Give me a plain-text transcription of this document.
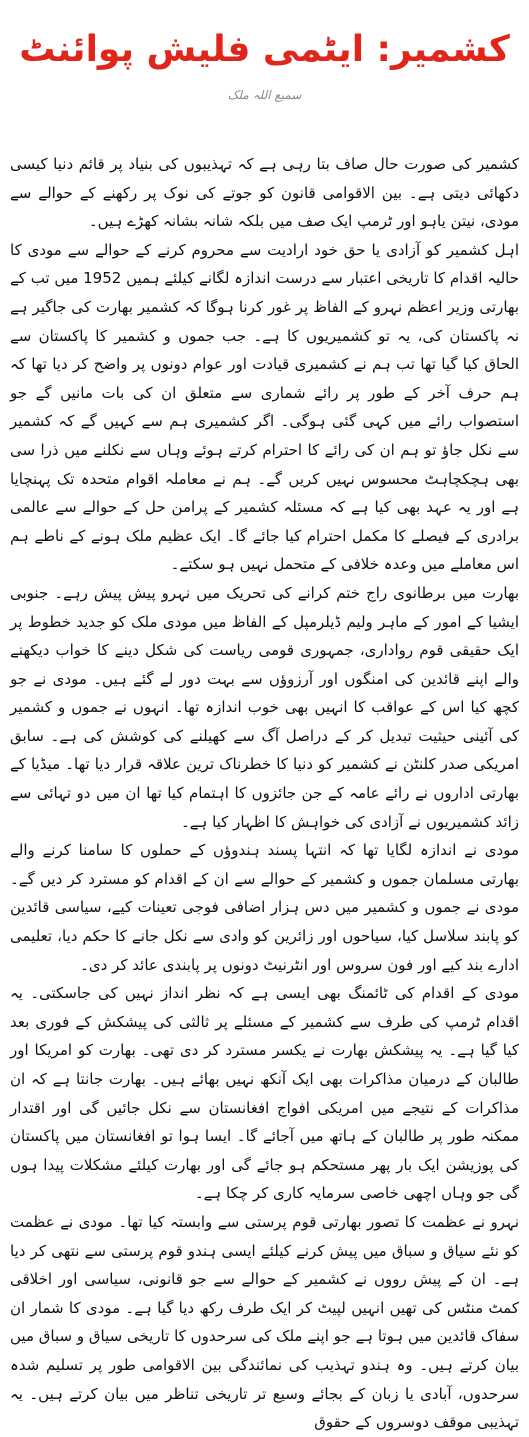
کشمیر: ایٹمی فلیش پوائنٹ
سمیع اللہ ملک

کشمیر کی صورت حال صاف بتا رہی ہے کہ تہذیبوں کی بنیاد پر قائم دنیا کیسی دکھائی دیتی ہے۔ بین الاقوامی قانون کو جوتے کی نوک پر رکھنے کے حوالے سے مودی، نیتن یاہو اور ٹرمپ ایک صف میں بلکہ شانہ بشانہ کھڑے ہیں۔

اہل کشمیر کو آزادی یا حق خود ارادیت سے محروم کرنے کے حوالے سے مودی کا حالیہ اقدام کا تاریخی اعتبار سے درست اندازہ لگانے کیلئے ہمیں 1952 میں تب کے بھارتی وزیر اعظم نہرو کے الفاظ پر غور کرنا ہوگا کہ کشمیر بھارت کی جاگیر ہے نہ پاکستان کی، یہ تو کشمیریوں کا ہے۔ جب جموں و کشمیر کا پاکستان سے الحاق کیا گیا تھا تب ہم نے کشمیری قیادت اور عوام دونوں پر واضح کر دیا تھا کہ ہم حرف آخر کے طور پر رائے شماری سے متعلق ان کی بات مانیں گے جو استصواب رائے میں کہی گئی ہوگی۔ اگر کشمیری ہم سے کہیں گے کہ کشمیر سے نکل جاؤ تو ہم ان کی رائے کا احترام کرتے ہوئے وہاں سے نکلنے میں ذرا سی بھی ہچکچاہٹ محسوس نہیں کریں گے۔ ہم نے معاملہ اقوام متحدہ تک پہنچایا ہے اور یہ عہد بھی کیا ہے کہ مسئلہ کشمیر کے پرامن حل کے حوالے سے عالمی برادری کے فیصلے کا مکمل احترام کیا جائے گا۔ ایک عظیم ملک ہونے کے ناطے ہم اس معاملے میں وعدہ خلافی کے متحمل نہیں ہو سکتے۔

بھارت میں برطانوی راج ختم کرانے کی تحریک میں نہرو پیش پیش رہے۔ جنوبی ایشیا کے امور کے ماہر ولیم ڈیلرمپل کے الفاظ میں مودی ملک کو جدید خطوط پر ایک حقیقی قوم رواداری، جمہوری قومی ریاست کی شکل دینے کا خواب دیکھنے والے اپنے قائدین کی امنگوں اور آرزوؤں سے بہت دور لے گئے ہیں۔ مودی نے جو کچھ کیا اس کے عواقب کا انہیں بھی خوب اندازہ تھا۔ انہوں نے جموں و کشمیر کی آئینی حیثیت تبدیل کر کے دراصل آگ سے کھیلنے کی کوشش کی ہے۔ سابق امریکی صدر کلنٹن نے کشمیر کو دنیا کا خطرناک ترین علاقہ قرار دیا تھا۔ میڈیا کے بھارتی اداروں نے رائے عامہ کے جن جائزوں کا اہتمام کیا تھا ان میں دو تہائی سے زائد کشمیریوں نے آزادی کی خواہش کا اظہار کیا ہے۔

مودی نے اندازہ لگایا تھا کہ انتہا پسند ہندوؤں کے حملوں کا سامنا کرنے والے بھارتی مسلمان جموں و کشمیر کے حوالے سے ان کے اقدام کو مسترد کر دیں گے۔ مودی نے جموں و کشمیر میں دس ہزار اضافی فوجی تعینات کیے، سیاسی قائدین کو پابند سلاسل کیا، سیاحوں اور زائرین کو وادی سے نکل جانے کا حکم دیا، تعلیمی ادارے بند کیے اور فون سروس اور انٹرنیٹ دونوں پر پابندی عائد کر دی۔

مودی کے اقدام کی ٹائمنگ بھی ایسی ہے کہ نظر انداز نہیں کی جاسکتی۔ یہ اقدام ٹرمپ کی طرف سے کشمیر کے مسئلے پر ثالثی کی پیشکش کے فوری بعد کیا گیا ہے۔ یہ پیشکش بھارت نے یکسر مسترد کر دی تھی۔ بھارت کو امریکا اور طالبان کے درمیان مذاکرات بھی ایک آنکھ نہیں بھائے ہیں۔ بھارت جانتا ہے کہ ان مذاکرات کے نتیجے میں امریکی افواج افغانستان سے نکل جائیں گی اور اقتدار ممکنہ طور پر طالبان کے ہاتھ میں آجائے گا۔ ایسا ہوا تو افغانستان میں پاکستان کی پوزیشن ایک بار پھر مستحکم ہو جائے گی اور بھارت کیلئے مشکلات پیدا ہوں گی جو وہاں اچھی خاصی سرمایہ کاری کر چکا ہے۔

نہرو نے عظمت کا تصور بھارتی قوم پرستی سے وابستہ کیا تھا۔ مودی نے عظمت کو نئے سیاق و سباق میں پیش کرنے کیلئے ایسی ہندو قوم پرستی سے نتھی کر دیا ہے۔ ان کے پیش رووں نے کشمیر کے حوالے سے جو قانونی، سیاسی اور اخلاقی کمٹ منٹس کی تھیں انہیں لپیٹ کر ایک طرف رکھ دیا گیا ہے۔ مودی کا شمار ان سفاک قائدین میں ہوتا ہے جو اپنے ملک کی سرحدوں کا تاریخی سیاق و سباق میں بیان کرتے ہیں۔ وہ ہندو تہذیب کی نمائندگی بین الاقوامی طور پر تسلیم شدہ سرحدوں، آبادی یا زبان کے بجائے وسیع تر تاریخی تناظر میں بیان کرتے ہیں۔ یہ تہذیبی موقف دوسروں کے حقوق
